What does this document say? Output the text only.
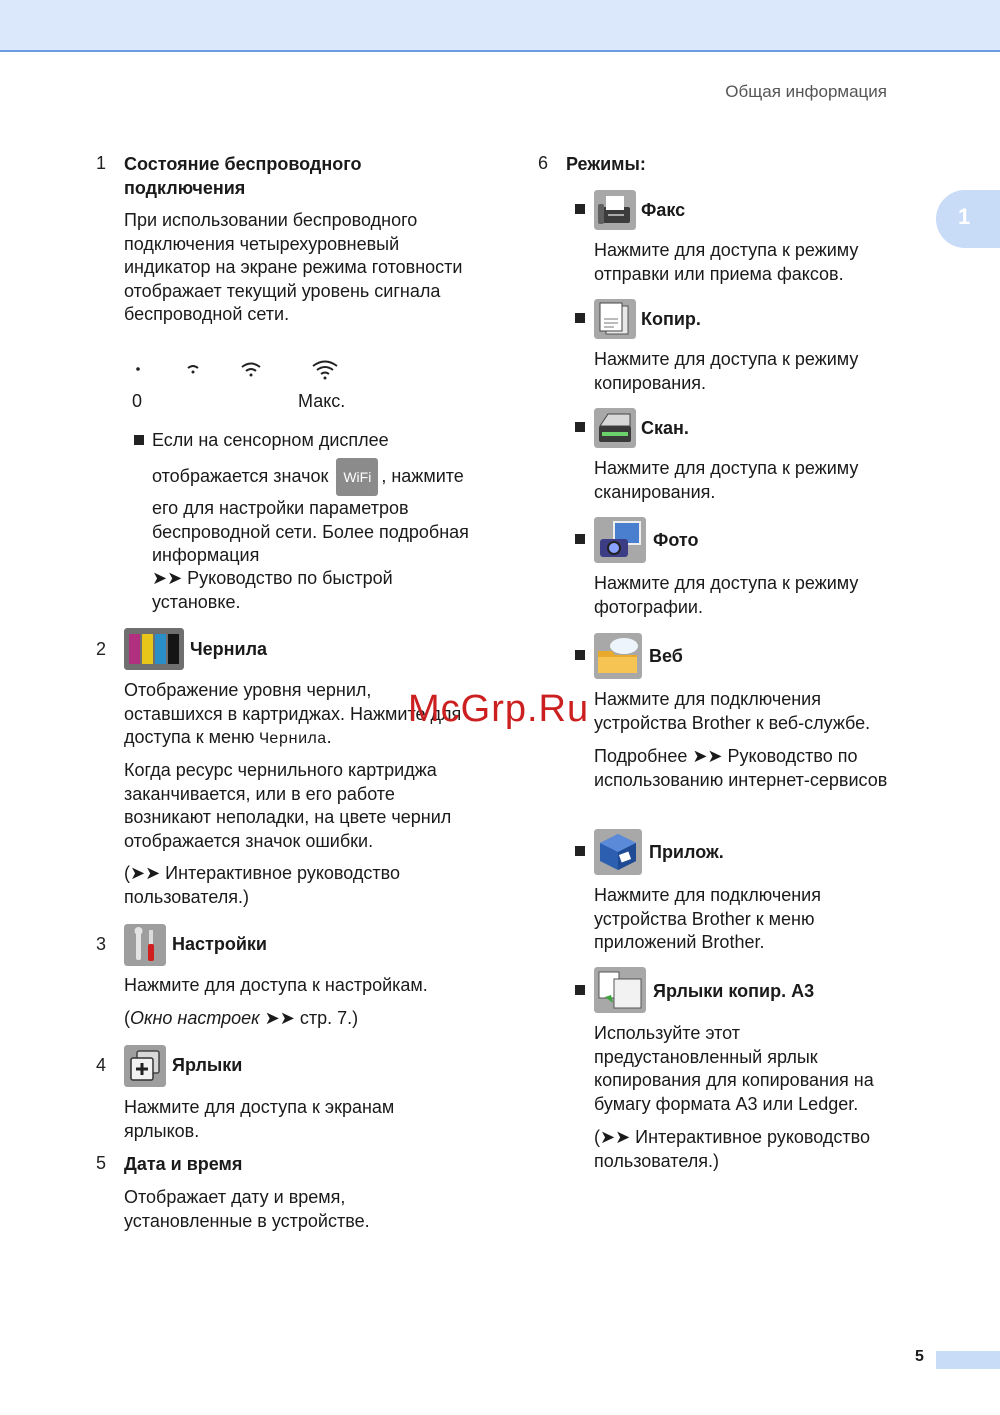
Общая информация
1
5
McGrp.Ru
1 Состояние беспроводного подключения
При использовании беспроводного подключения четырехуровневый индикатор на экране режима готовности отображает текущий уровень сигнала беспроводной сети.
0	Макс.
Если на сенсорном дисплее
отображается значок WiFi , нажмите
его для настройки параметров беспроводной сети. Более подробная информация
➤➤ Руководство по быстрой установке.
2	Чернила
Отображение уровня чернил, оставшихся в картриджах. Нажмите для доступа к меню Чернила.
Когда ресурс чернильного картриджа заканчивается, или в его работе возникают неполадки, на цвете чернил отображается значок ошибки.
(➤➤ Интерактивное руководство пользователя.)
3	Настройки
Нажмите для доступа к настройкам.
(Окно настроек ➤➤ стр. 7.)
4	Ярлыки
Нажмите для доступа к экранам ярлыков.
5 Дата и время
Отображает дату и время, установленные в устройстве.
6 Режимы:
Факс
Нажмите для доступа к режиму отправки или приема факсов.
Копир.
Нажмите для доступа к режиму копирования.
Скан.
Нажмите для доступа к режиму сканирования.
Фото
Нажмите для доступа к режиму фотографии.
Веб
Нажмите для подключения устройства Brother к веб-службе.
Подробнее ➤➤ Руководство по использованию интернет-сервисов
Прилож.
Нажмите для подключения устройства Brother к меню приложений Brother.
Ярлыки копир. A3
Используйте этот предустановленный ярлык копирования для копирования на бумагу формата A3 или Ledger.
(➤➤ Интерактивное руководство пользователя.)
